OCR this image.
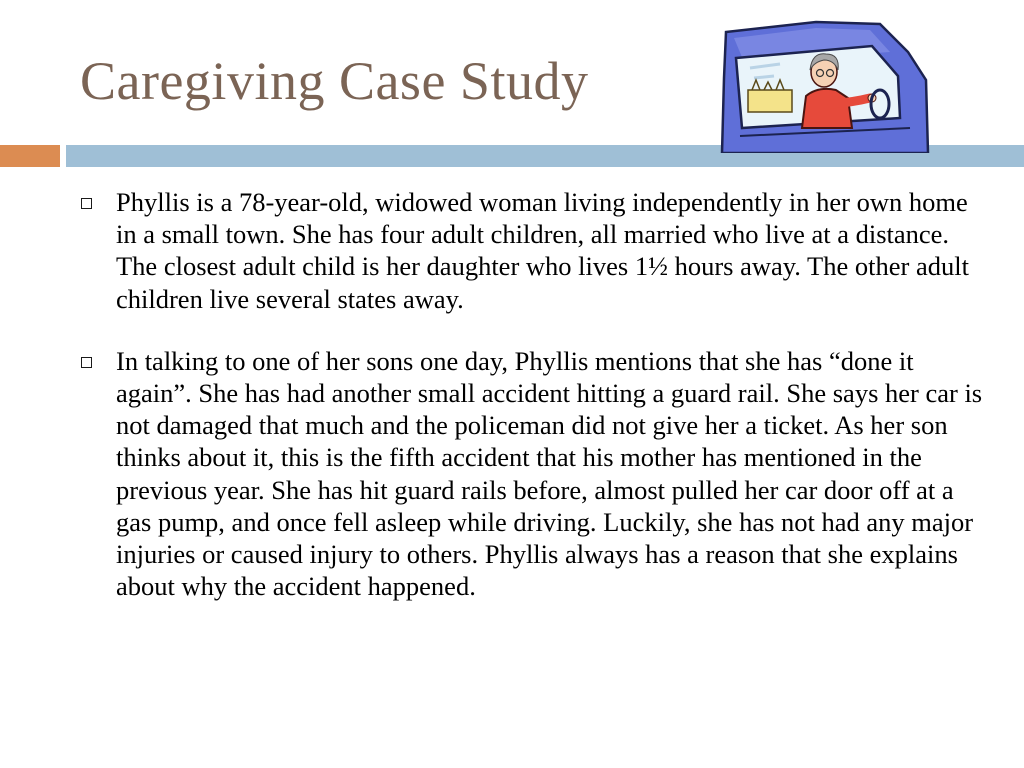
Caregiving Case Study
Phyllis is a 78-year-old, widowed woman living independently in her own home in a small town. She has four adult children, all married who live at a distance. The closest adult child is her daughter who lives 1½ hours away. The other adult children live several states away.
In talking to one of her sons one day, Phyllis mentions that she has “done it again”. She has had another small accident hitting a guard rail. She says her car is not damaged that much and the policeman did not give her a ticket. As her son thinks about it, this is the fifth accident that his mother has mentioned in the previous year. She has hit guard rails before, almost pulled her car door off at a gas pump, and once fell asleep while driving. Luckily, she has not had any major injuries or caused injury to others. Phyllis always has a reason that she explains about why the accident happened.
